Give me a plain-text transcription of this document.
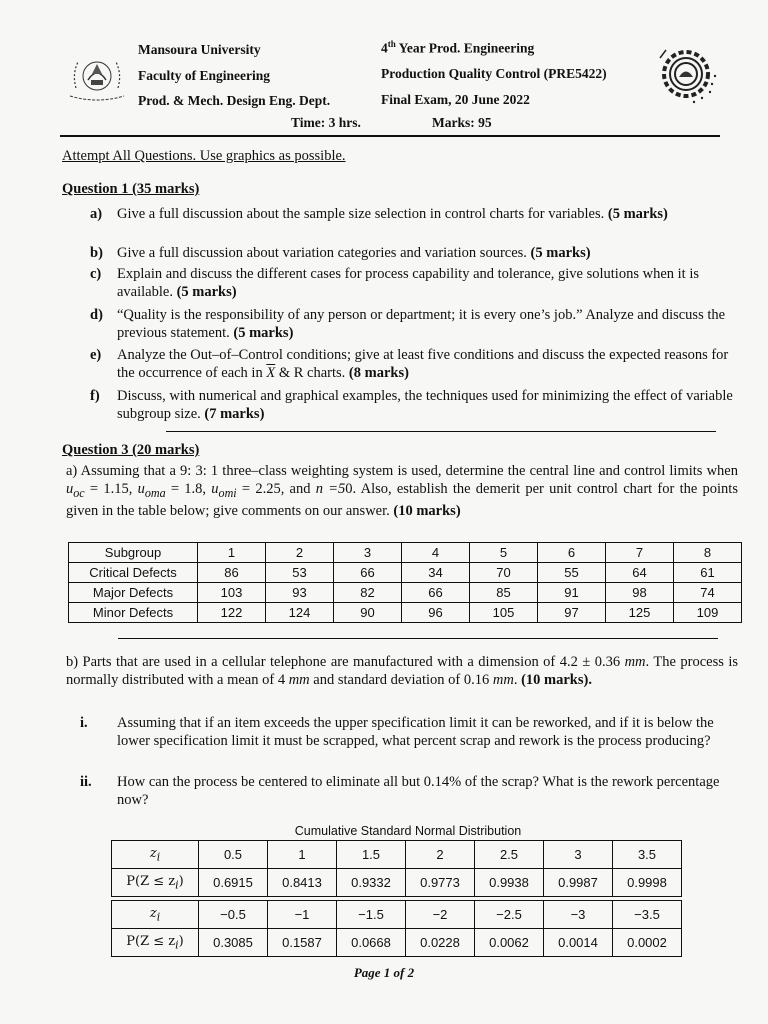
Mansoura University
Faculty of Engineering
Prod. & Mech. Design Eng. Dept.
4th Year Prod. Engineering
Production Quality Control (PRE5422)
Final Exam, 20 June 2022
Time: 3 hrs.	Marks: 95
Attempt All Questions. Use graphics as possible.
Question 1 (35 marks)
a) Give a full discussion about the sample size selection in control charts for variables. (5 marks)
b) Give a full discussion about variation categories and variation sources. (5 marks)
c) Explain and discuss the different cases for process capability and tolerance, give solutions when it is available. (5 marks)
d) “Quality is the responsibility of any person or department; it is every one’s job.” Analyze and discuss the previous statement. (5 marks)
e) Analyze the Out–of–Control conditions; give at least five conditions and discuss the expected reasons for the occurrence of each in $\overline{X}$ & R charts. (8 marks)
f) Discuss, with numerical and graphical examples, the techniques used for minimizing the effect of variable subgroup size. (7 marks)
Question 3 (20 marks)
a) Assuming that a 9: 3: 1 three–class weighting system is used, determine the central line and control limits when $u_{oc} = 1.15$, $u_{oma} = 1.8$, $u_{omi} = 2.25$, and n =50. Also, establish the demerit per unit control chart for the points given in the table below; give comments on our answer. (10 marks)
Subgroup	1	2	3	4	5	6	7	8
Critical Defects	86	53	66	34	70	55	64	61
Major Defects	103	93	82	66	85	91	98	74
Minor Defects	122	124	90	96	105	97	125	109
b) Parts that are used in a cellular telephone are manufactured with a dimension of 4.2 ± 0.36 mm. The process is normally distributed with a mean of 4 mm and standard deviation of 0.16 mm. (10 marks).
i. Assuming that if an item exceeds the upper specification limit it can be reworked, and if it is below the lower specification limit it must be scrapped, what percent scrap and rework is the process producing?
ii. How can the process be centered to eliminate all but 0.14% of the scrap? What is the rework percentage now?
Cumulative Standard Normal Distribution
$z_i$	0.5	1	1.5	2	2.5	3	3.5
$P(Z \le z_i)$	0.6915	0.8413	0.9332	0.9773	0.9938	0.9987	0.9998
$z_i$	−0.5	−1	−1.5	−2	−2.5	−3	−3.5
$P(Z \le z_i)$	0.3085	0.1587	0.0668	0.0228	0.0062	0.0014	0.0002
Page 1 of 2
